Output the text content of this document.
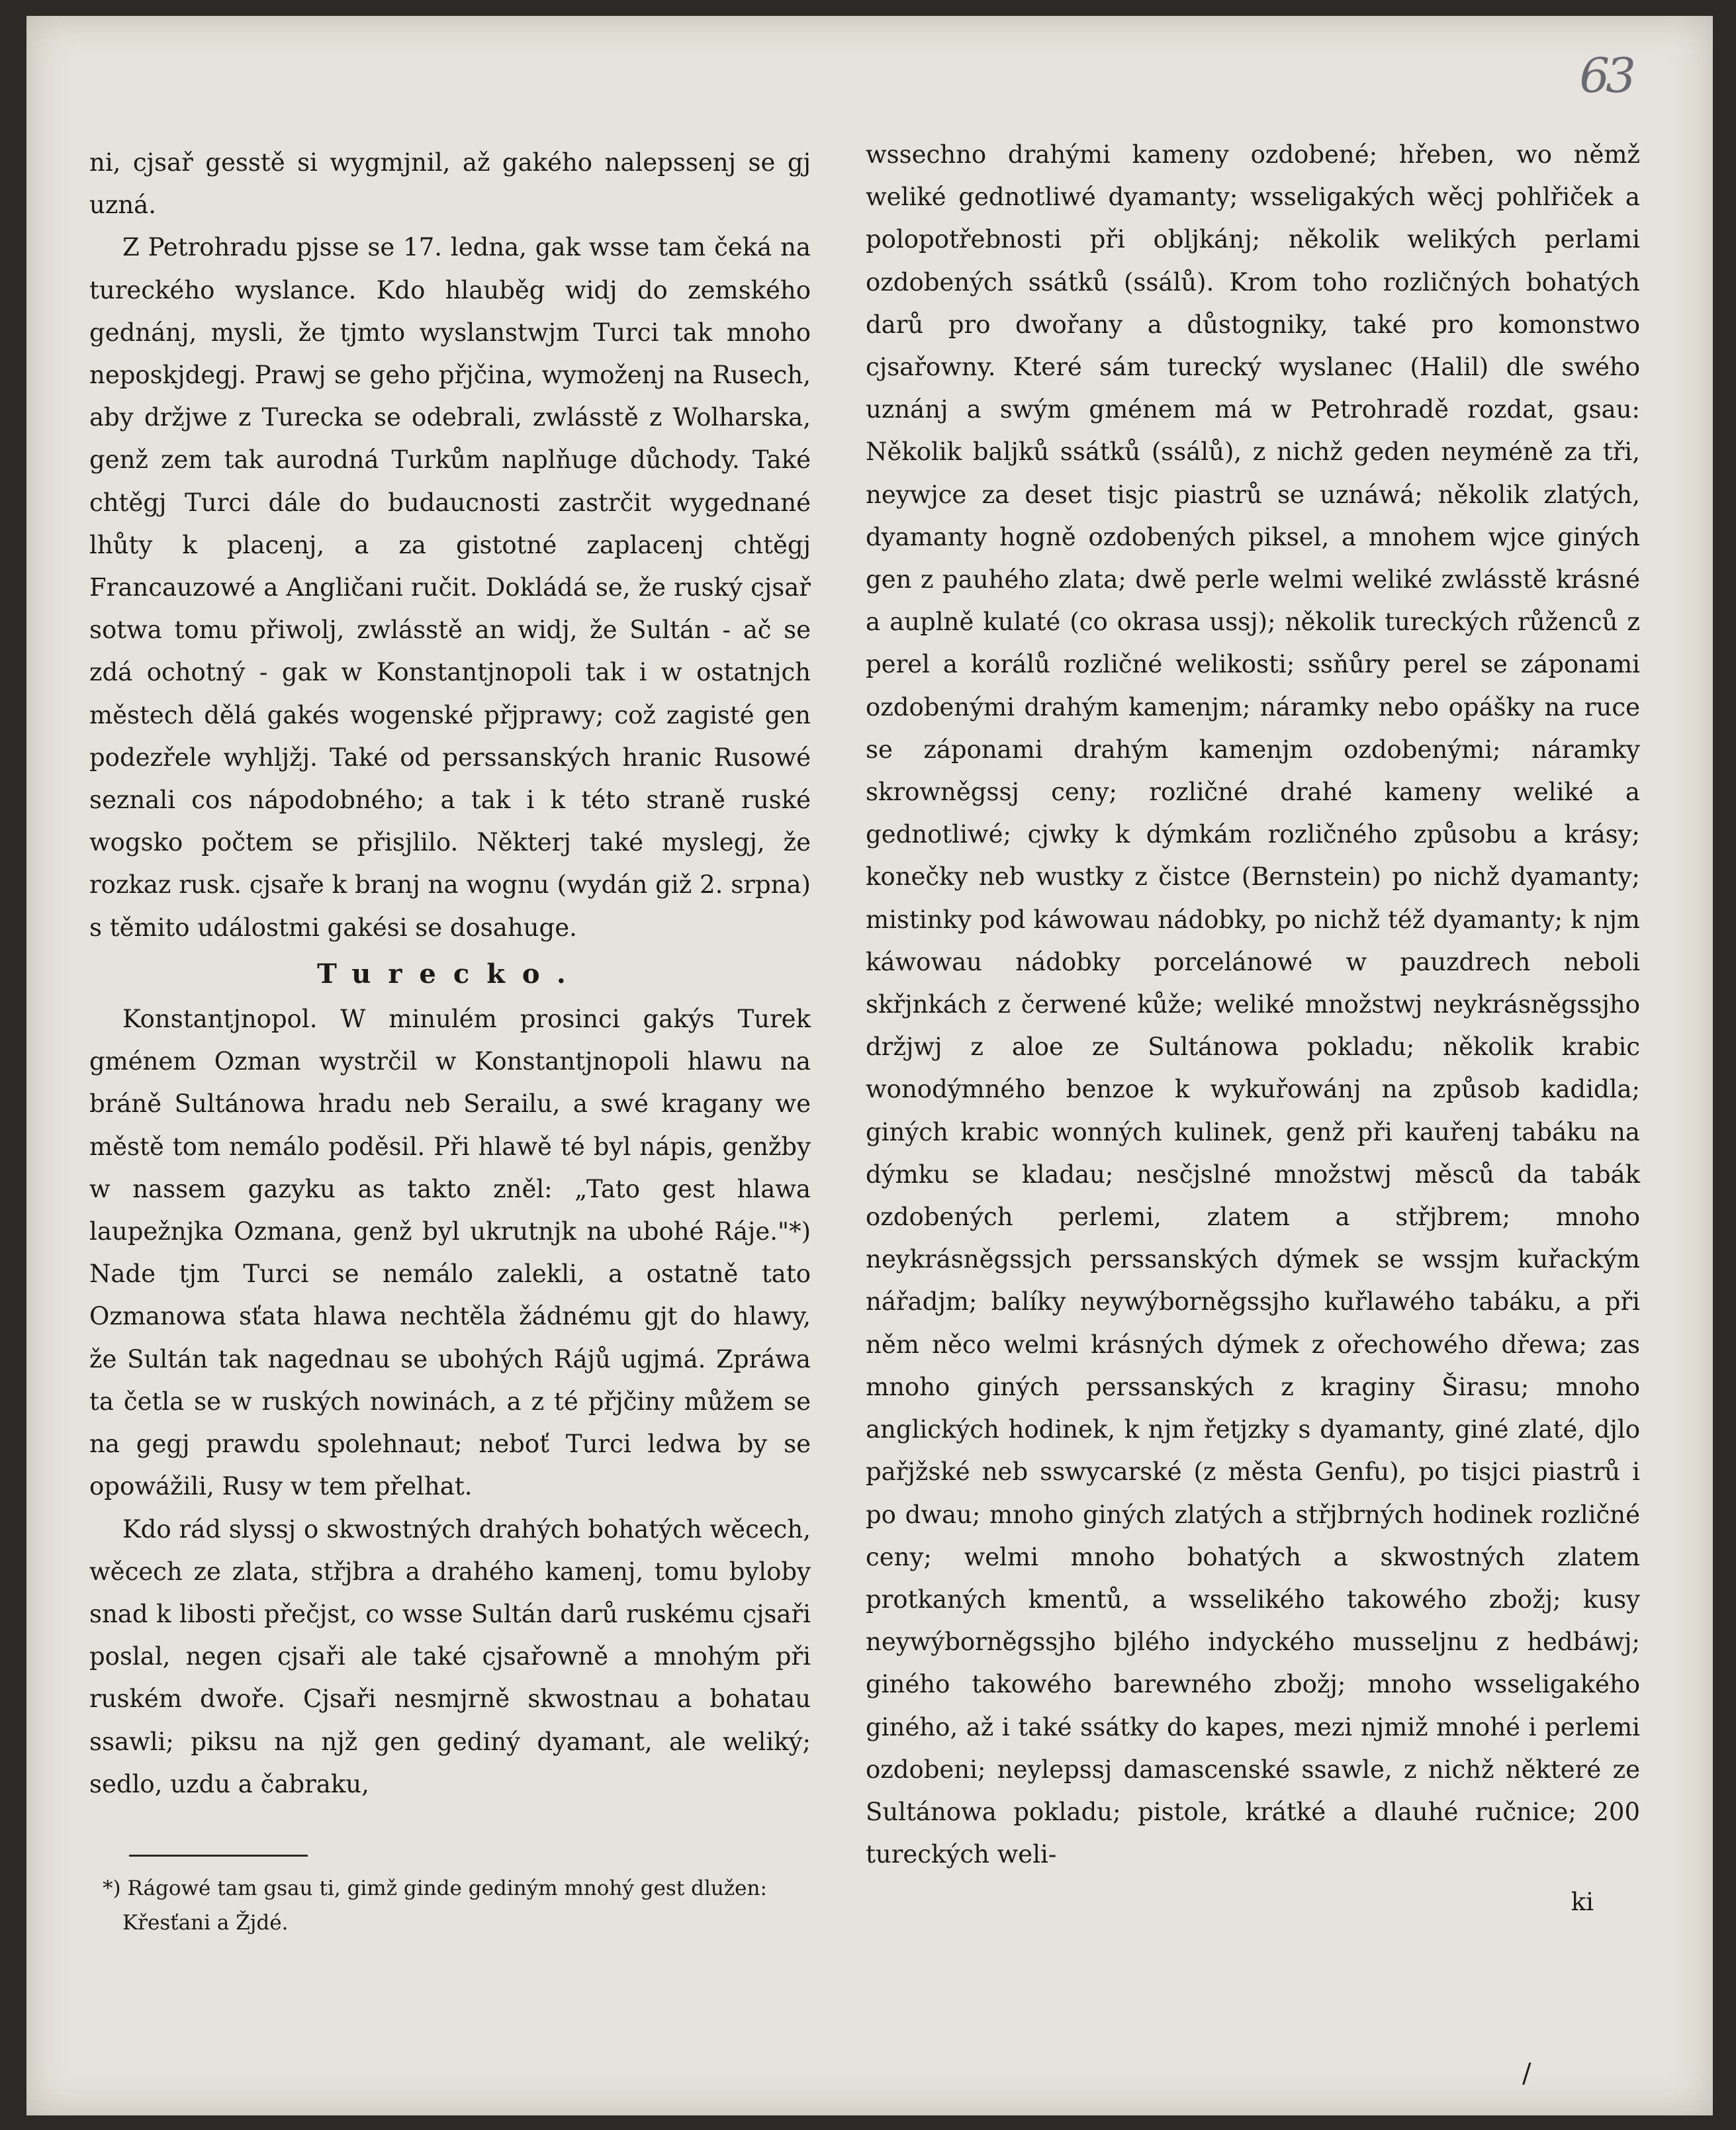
63

ni, cjsař gesstě si wygmjnil, až gakého nalepssenj se gj uzná.

Z Petrohradu pjsse se 17. ledna, gak wsse tam čeká na tureckého wyslance. Kdo hlauběg widj do zemského gednánj, mysli, že tjmto wyslanstwjm Turci tak mnoho neposkjdegj. Prawj se geho přjčina, wymoženj na Rusech, aby držjwe z Turecka se odebrali, zwlásstě z Wolharska, genž zem tak aurodná Turkům naplňuge důchody. Také chtěgj Turci dále do budaucnosti zastrčit wygednané lhůty k placenj, a za gistotné zaplacenj chtěgj Francauzowé a Angličani ručit. Dokládá se, že ruský cjsař sotwa tomu přiwolj, zwlásstě an widj, že Sultán - ač se zdá ochotný - gak w Konstantjnopoli tak i w ostatnjch městech dělá gakés wogenské přjprawy; což zagisté gen podezřele wyhljžj. Také od perssanských hranic Rusowé seznali cos nápodobného; a tak i k této straně ruské wogsko počtem se přisjlilo. Některj také myslegj, že rozkaz rusk. cjsaře k branj na wognu (wydán giž 2. srpna) s těmito událostmi gakési se dosahuge.

Turecko.

Konstantjnopol. W minulém prosinci gakýs Turek gménem Ozman wystrčil w Konstantjnopoli hlawu na bráně Sultánowa hradu neb Serailu, a swé kragany we městě tom nemálo poděsil. Při hlawě té byl nápis, genžby w nassem gazyku as takto zněl: „Tato gest hlawa laupežnjka Ozmana, genž byl ukrutnjk na ubohé Ráje."*) Nade tjm Turci se nemálo zalekli, a ostatně tato Ozmanowa sťata hlawa nechtěla žádnému gjt do hlawy, že Sultán tak nagednau se ubohých Rájů ugjmá. Zpráwa ta četla se w ruských nowinách, a z té přjčiny můžem se na gegj prawdu spolehnaut; neboť Turci ledwa by se opowážili, Rusy w tem přelhat.

Kdo rád slyssj o skwostných drahých bohatých wěcech, wěcech ze zlata, střjbra a drahého kamenj, tomu byloby snad k libosti přečjst, co wsse Sultán darů ruskému cjsaři poslal, negen cjsaři ale také cjsařowně a mnohým při ruském dwoře. Cjsaři nesmjrně skwostnau a bohatau ssawli; piksu na njž gen gediný dyamant, ale weliký; sedlo, uzdu a čabraku,

*) Rágowé tam gsau ti, gimž ginde gediným mnohý gest dlužen: Křesťani a Žjdé.

wssechno drahými kameny ozdobené; hřeben, wo němž weliké gednotliwé dyamanty; wsseligakých wěcj pohlřiček a polopotřebnosti při obljkánj; několik welikých perlami ozdobených ssátků (ssálů). Krom toho rozličných bohatých darů pro dwořany a důstogniky, také pro komonstwo cjsařowny. Které sám turecký wyslanec (Halil) dle swého uznánj a swým gménem má w Petrohradě rozdat, gsau: Několik baljků ssátků (ssálů), z nichž geden neyméně za tři, neywjce za deset tisjc piastrů se uznáwá; několik zlatých, dyamanty hogně ozdobených piksel, a mnohem wjce giných gen z pauhého zlata; dwě perle welmi weliké zwlásstě krásné a auplně kulaté (co okrasa ussj); několik tureckých růženců z perel a korálů rozličné welikosti; ssňůry perel se záponami ozdobenými drahým kamenjm; náramky nebo opášky na ruce se záponami drahým kamenjm ozdobenými; náramky skrowněgssj ceny; rozličné drahé kameny weliké a gednotliwé; cjwky k dýmkám rozličného způsobu a krásy; konečky neb wustky z čistce (Bernstein) po nichž dyamanty; mistinky pod káwowau nádobky, po nichž též dyamanty; k njm káwowau nádobky porcelánowé w pauzdrech neboli skřjnkách z čerwené kůže; weliké množstwj neykrásněgssjho držjwj z aloe ze Sultánowa pokladu; několik krabic wonodýmného benzoe k wykuřowánj na způsob kadidla; giných krabic wonných kulinek, genž při kauřenj tabáku na dýmku se kladau; nesčjslné množstwj měsců da tabák ozdobených perlemi, zlatem a střjbrem; mnoho neykrásněgssjch perssanských dýmek se wssjm kuřackým nářadjm; balíky neywýborněgssjho kuřlawého tabáku, a při něm něco welmi krásných dýmek z ořechowého dřewa; zas mnoho giných perssanských z kraginy Širasu; mnoho anglických hodinek, k njm řetjzky s dyamanty, giné zlaté, djlo pařjžské neb sswycarské (z města Genfu), po tisjci piastrů i po dwau; mnoho giných zlatých a střjbrných hodinek rozličné ceny; welmi mnoho bohatých a skwostných zlatem protkaných kmentů, a wsselikého takowého zbožj; kusy neywýborněgssjho bjlého indyckého musseljnu z hedbáwj; giného takowého barewného zbožj; mnoho wsseligakého giného, až i také ssátky do kapes, mezi njmiž mnohé i perlemi ozdobeni; neylepssj damascenské ssawle, z nichž některé ze Sultánowa pokladu; pistole, krátké a dlauhé ručnice; 200 tureckých weli-

ki

/
